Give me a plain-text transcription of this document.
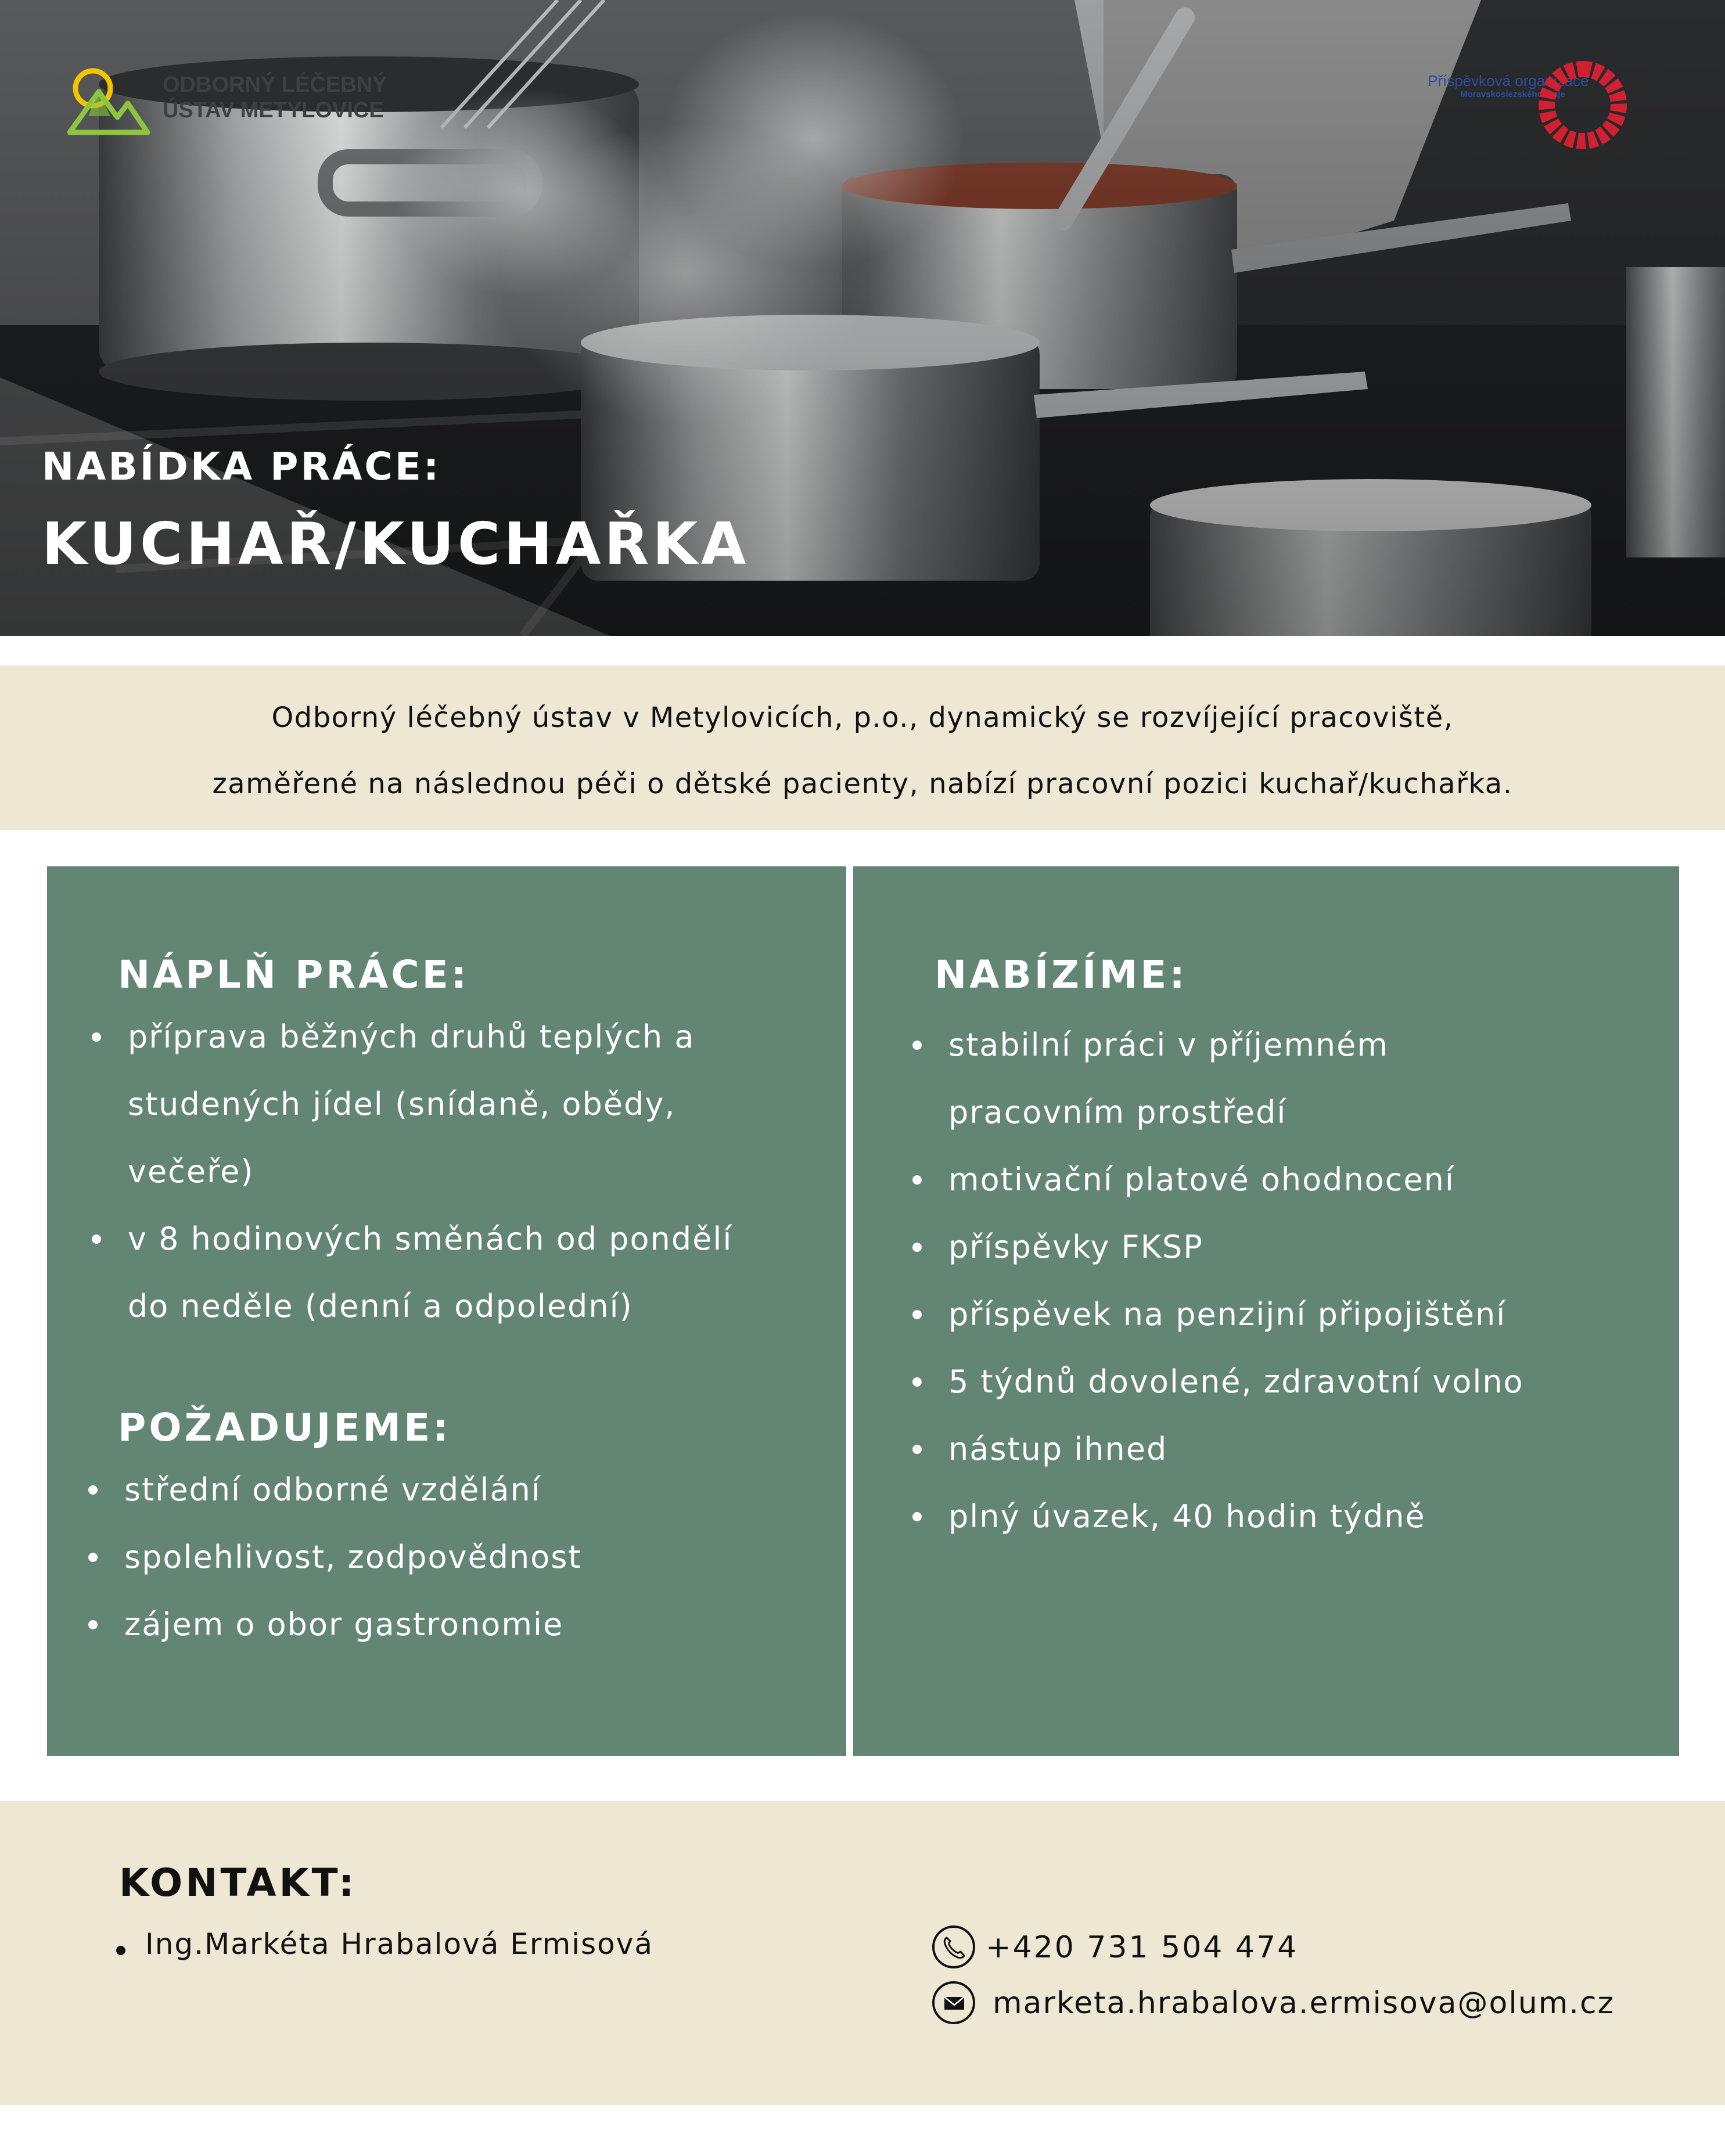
ODBORNÝ LÉČEBNÝ
ÚSTAV METYLOVICE
Příspěvková organizace
Moravskoslezského kraje
NABÍDKA PRÁCE:
KUCHAŘ/KUCHAŘKA

Odborný léčebný ústav v Metylovicích, p.o., dynamický se rozvíjející pracoviště,

zaměřené na následnou péči o dětské pacienty, nabízí pracovní pozici kuchař/kuchařka.

NÁPLŇ PRÁCE:
příprava běžných druhů teplých a
studených jídel (snídaně, obědy,
večeře)
v 8 hodinových směnách od pondělí
do neděle (denní a odpolední)
POŽADUJEME:
střední odborné vzdělání
spolehlivost, zodpovědnost
zájem o obor gastronomie
NABÍZÍME:
stabilní práci v příjemném
pracovním prostředí
motivační platové ohodnocení
příspěvky FKSP
příspěvek na penzijní připojištění
5 týdnů dovolené, zdravotní volno
nástup ihned
plný úvazek, 40 hodin týdně
KONTAKT:
Ing.Markéta Hrabalová Ermisová	+420 731 504 474
marketa.hrabalova.ermisova@olum.cz
